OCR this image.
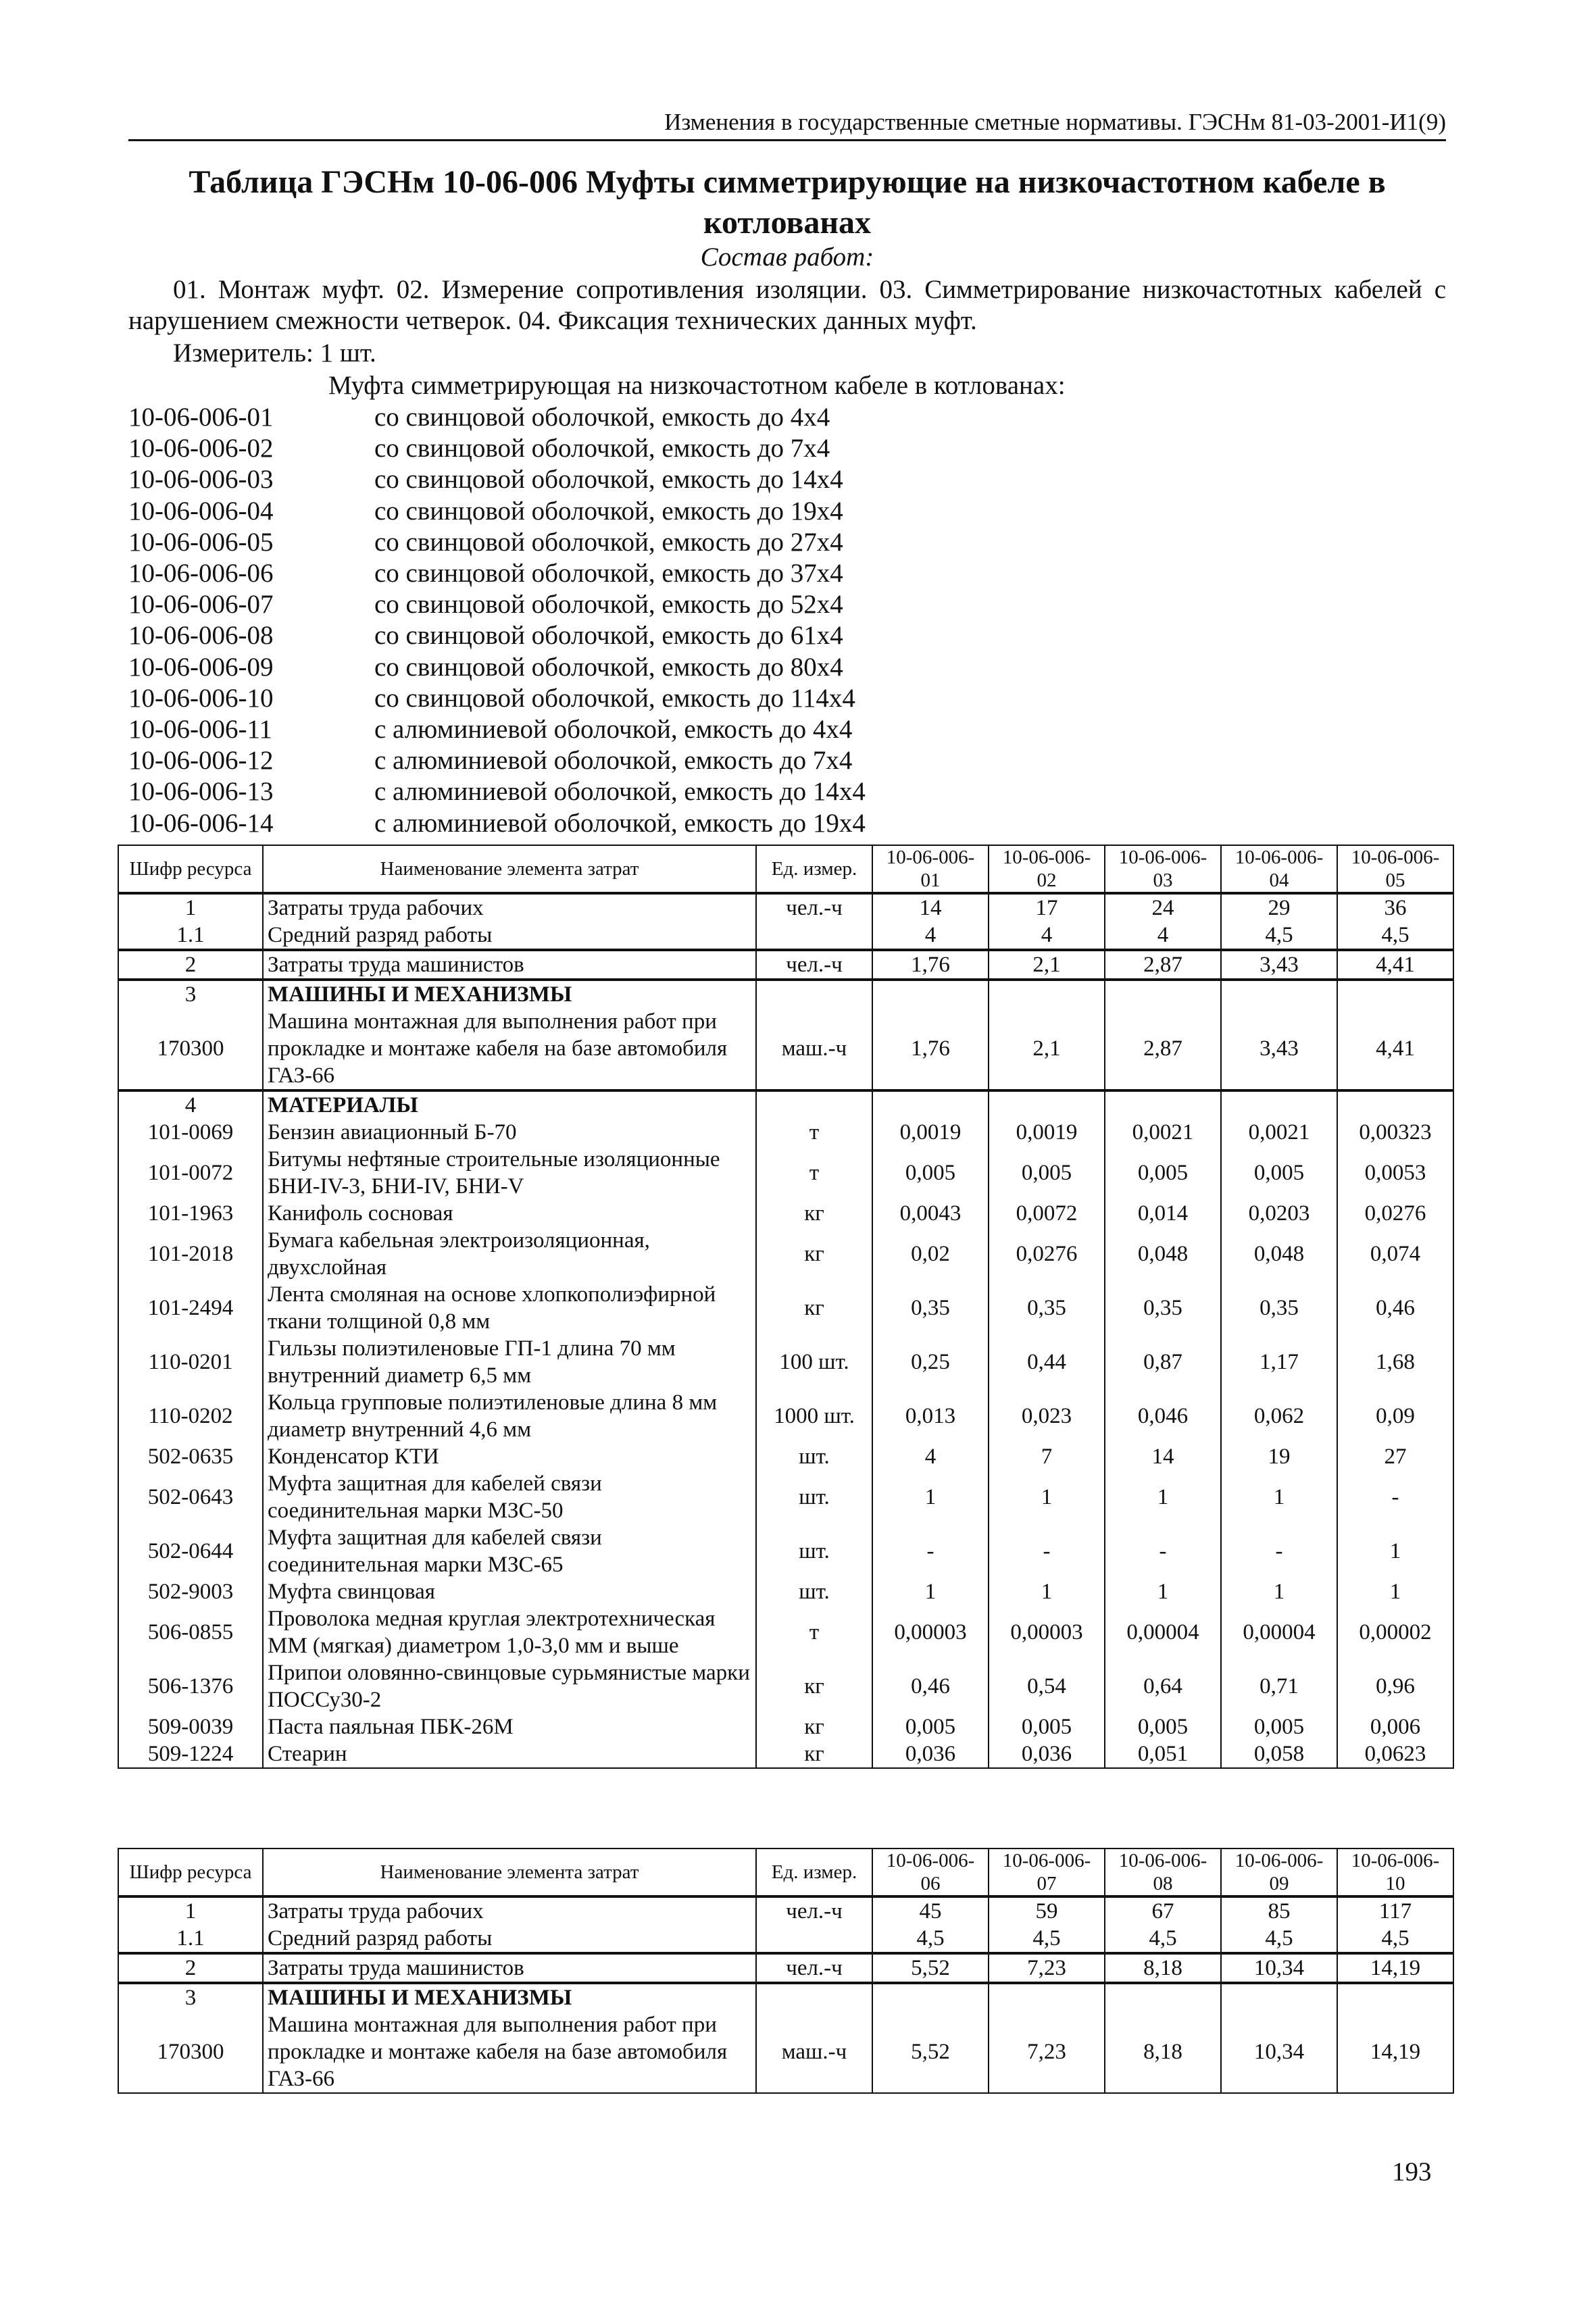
Изменения в государственные сметные нормативы. ГЭСНм 81-03-2001-И1(9)
Таблица ГЭСНм 10-06-006 Муфты симметрирующие на низкочастотном кабеле в
котлованах
Состав работ:
01. Монтаж муфт. 02. Измерение сопротивления изоляции. 03. Симметрирование низкочастотных кабелей с нарушением смежности четверок. 04. Фиксация технических данных муфт.
Измеритель: 1 шт.
Муфта симметрирующая на низкочастотном кабеле в котлованах:
10-06-006-01	со свинцовой оболочкой, емкость до 4х4
10-06-006-02	со свинцовой оболочкой, емкость до 7х4
10-06-006-03	со свинцовой оболочкой, емкость до 14х4
10-06-006-04	со свинцовой оболочкой, емкость до 19х4
10-06-006-05	со свинцовой оболочкой, емкость до 27х4
10-06-006-06	со свинцовой оболочкой, емкость до 37х4
10-06-006-07	со свинцовой оболочкой, емкость до 52х4
10-06-006-08	со свинцовой оболочкой, емкость до 61х4
10-06-006-09	со свинцовой оболочкой, емкость до 80х4
10-06-006-10	со свинцовой оболочкой, емкость до 114х4
10-06-006-11	с алюминиевой оболочкой, емкость до 4х4
10-06-006-12	с алюминиевой оболочкой, емкость до 7х4
10-06-006-13	с алюминиевой оболочкой, емкость до 14х4
10-06-006-14	с алюминиевой оболочкой, емкость до 19х4
Шифр ресурса	Наименование элемента затрат	Ед. измер.	10-06-006-01	10-06-006-02	10-06-006-03	10-06-006-04	10-06-006-05
1	Затраты труда рабочих	чел.-ч	14	17	24	29	36
1.1	Средний разряд работы		4	4	4	4,5	4,5
2	Затраты труда машинистов	чел.-ч	1,76	2,1	2,87	3,43	4,41
3	МАШИНЫ И МЕХАНИЗМЫ						
170300	Машина монтажная для выполнения работ при прокладке и монтаже кабеля на базе автомобиля ГАЗ-66	маш.-ч	1,76	2,1	2,87	3,43	4,41
4	МАТЕРИАЛЫ						
101-0069	Бензин авиационный Б-70	т	0,0019	0,0019	0,0021	0,0021	0,00323
101-0072	Битумы нефтяные строительные изоляционные БНИ-IV-3, БНИ-IV, БНИ-V	т	0,005	0,005	0,005	0,005	0,0053
101-1963	Канифоль сосновая	кг	0,0043	0,0072	0,014	0,0203	0,0276
101-2018	Бумага кабельная электроизоляционная, двухслойная	кг	0,02	0,0276	0,048	0,048	0,074
101-2494	Лента смоляная на основе хлопкополиэфирной ткани толщиной 0,8 мм	кг	0,35	0,35	0,35	0,35	0,46
110-0201	Гильзы полиэтиленовые ГП-1 длина 70 мм внутренний диаметр 6,5 мм	100 шт.	0,25	0,44	0,87	1,17	1,68
110-0202	Кольца групповые полиэтиленовые длина 8 мм диаметр внутренний 4,6 мм	1000 шт.	0,013	0,023	0,046	0,062	0,09
502-0635	Конденсатор КТИ	шт.	4	7	14	19	27
502-0643	Муфта защитная для кабелей связи соединительная марки МЗС-50	шт.	1	1	1	1	-
502-0644	Муфта защитная для кабелей связи соединительная марки МЗС-65	шт.	-	-	-	-	1
502-9003	Муфта свинцовая	шт.	1	1	1	1	1
506-0855	Проволока медная круглая электротехническая ММ (мягкая) диаметром 1,0-3,0 мм и выше	т	0,00003	0,00003	0,00004	0,00004	0,00002
506-1376	Припои оловянно-свинцовые сурьмянистые марки ПОССу30-2	кг	0,46	0,54	0,64	0,71	0,96
509-0039	Паста паяльная ПБК-26М	кг	0,005	0,005	0,005	0,005	0,006
509-1224	Стеарин	кг	0,036	0,036	0,051	0,058	0,0623
Шифр ресурса	Наименование элемента затрат	Ед. измер.	10-06-006-06	10-06-006-07	10-06-006-08	10-06-006-09	10-06-006-10
1	Затраты труда рабочих	чел.-ч	45	59	67	85	117
1.1	Средний разряд работы		4,5	4,5	4,5	4,5	4,5
2	Затраты труда машинистов	чел.-ч	5,52	7,23	8,18	10,34	14,19
3	МАШИНЫ И МЕХАНИЗМЫ						
170300	Машина монтажная для выполнения работ при прокладке и монтаже кабеля на базе автомобиля ГАЗ-66	маш.-ч	5,52	7,23	8,18	10,34	14,19
193
